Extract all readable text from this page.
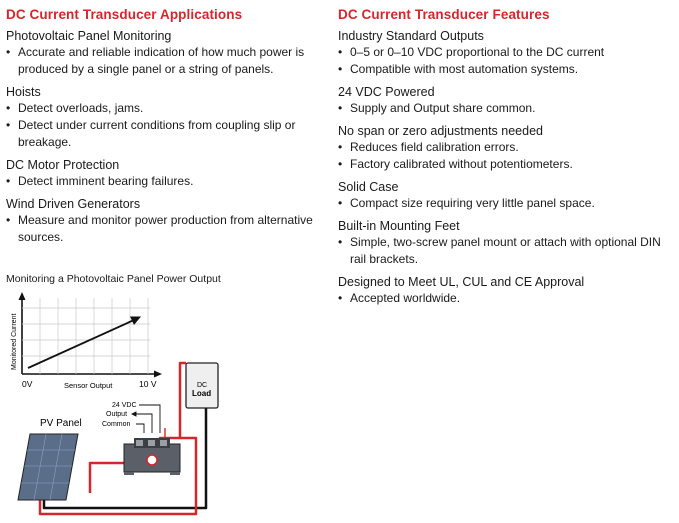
DC Current Transducer Applications
Photovoltaic Panel Monitoring
• Accurate and reliable indication of how much power is produced by a single panel or a string of panels.
Hoists
• Detect overloads, jams.
• Detect under current conditions from coupling slip or breakage.
DC Motor Protection
• Detect imminent bearing failures.
Wind Driven Generators
• Measure and monitor power production from alternative sources.
DC Current Transducer Features
Industry Standard Outputs
• 0–5 or 0–10 VDC proportional to the DC current
• Compatible with most automation systems.
24 VDC Powered
• Supply and Output share common.
No span or zero adjustments needed
• Reduces field calibration errors.
• Factory calibrated without potentiometers.
Solid Case
• Compact size requiring very little panel space.
Built-in Mounting Feet
• Simple, two-screw panel mount or attach with optional DIN rail brackets.
Designed to Meet UL, CUL and CE Approval
• Accepted worldwide.
Monitoring a Photovoltaic Panel Power Output
Monitored Current
0V	Sensor Output	10 V	DC
Load
24 VDC
Output
Common
PV Panel
